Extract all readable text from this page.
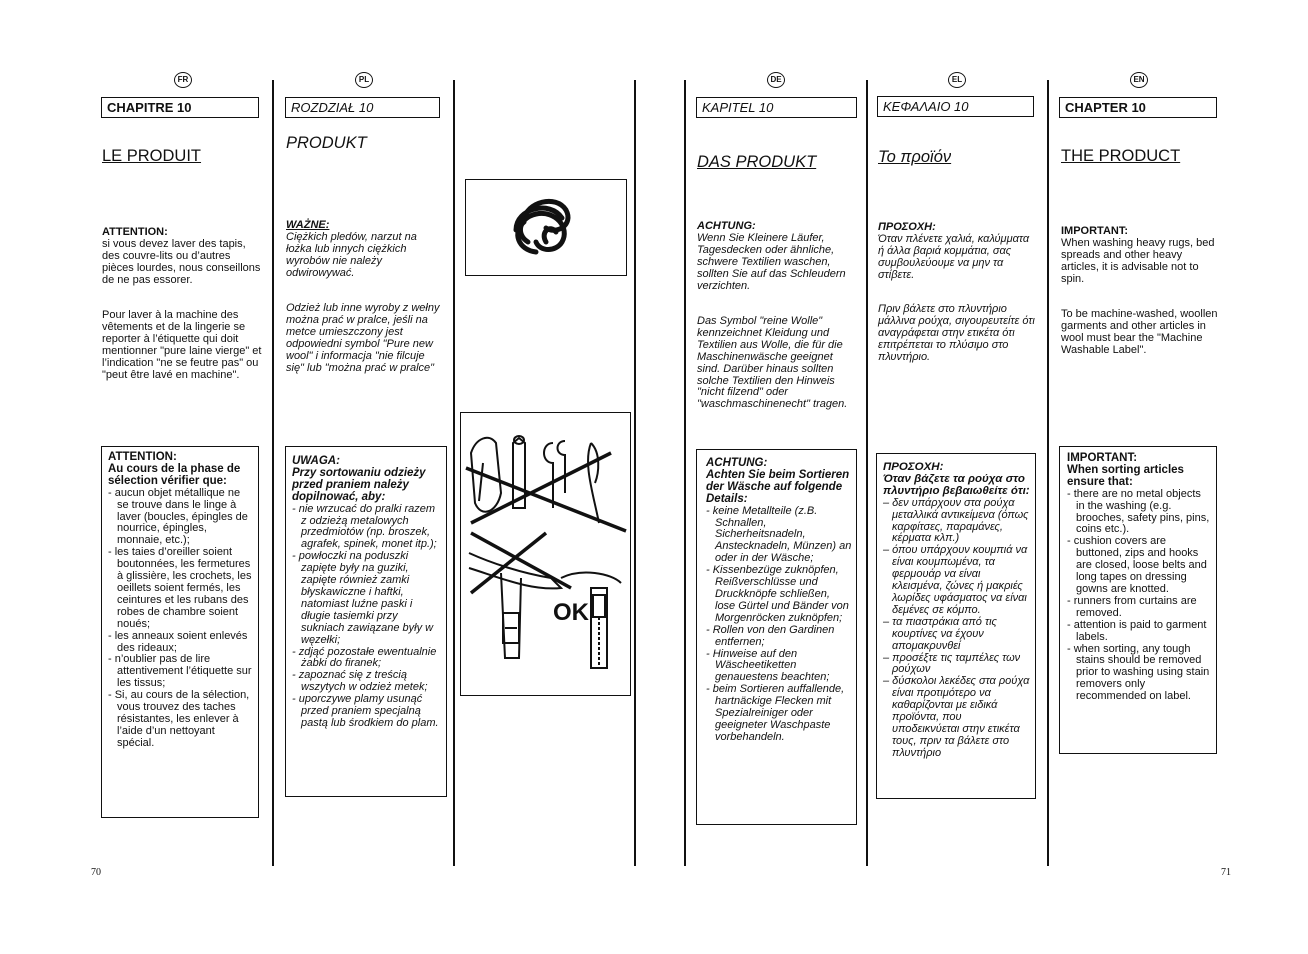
FR
CHAPITRE 10
LE PRODUIT

ATTENTION:
si vous devez laver des tapis, des couvre-lits ou d’autres pièces lourdes, nous conseillons de ne pas essorer.

Pour laver à la machine des vêtements et de la lingerie se reporter à l’étiquette qui doit mentionner "pure laine vierge" et l’indication "ne se feutre pas" ou "peut être lavé en machine".

ATTENTION:
Au cours de la phase de sélection vérifier que:
- aucun objet métallique ne se trouve dans le linge à laver (boucles, épingles de nourrice, épingles, monnaie, etc.);
- les taies d’oreiller soient boutonnées, les fermetures à glissière, les crochets, les oeillets soient fermés, les ceintures et les rubans des robes de chambre soient noués;
- les anneaux soient enlevés des rideaux;
- n’oublier pas de lire attentivement l’étiquette sur les tissus;
- Si, au cours de la sélection, vous trouvez des taches résistantes, les enlever à l’aide d’un nettoyant spécial.
PL
ROZDZIAŁ 10
PRODUKT

WAŻNE:
Ciężkich pledów, narzut na łożka lub innych ciężkich wyrobów nie należy odwirowywać.

Odzież lub inne wyroby z wełny można prać w pralce, jeśli na metce umieszczony jest odpowiedni symbol "Pure new wool" i informacja "nie filcuje się" lub "można prać w pralce"

UWAGA:
Przy sortowaniu odzieży przed praniem należy dopilnować, aby:
- nie wrzucać do pralki razem z odzieżą metalowych przedmiotów (np. broszek, agrafek, spinek, monet itp.);
- powłoczki na poduszki zapięte były na guziki, zapięte również zamki błyskawiczne i haftki, natomiast luźne paski i długie tasiemki przy sukniach zawiązane były w węzełki;
- zdjąć pozostałe ewentualnie żabki do firanek;
- zapoznać się z treścią wszytych w odzież metek;
- uporczywe plamy usunąć przed praniem specjalną pastą lub środkiem do plam.
OK
DE
KAPITEL 10
DAS PRODUKT

ACHTUNG:
Wenn Sie Kleinere Läufer, Tagesdecken oder ähnliche, schwere Textilien waschen, sollten Sie auf das Schleudern verzichten.

Das Symbol "reine Wolle" kennzeichnet Kleidung und Textilien aus Wolle, die für die Maschinenwäsche geeignet sind. Darüber hinaus sollten solche Textilien den Hinweis "nicht filzend" oder "waschmaschinenecht" tragen.

ACHTUNG:
Achten Sie beim Sortieren der Wäsche auf folgende Details:
- keine Metallteile (z.B. Schnallen, Sicherheitsnadeln, Anstecknadeln, Münzen) an oder in der Wäsche;
- Kissenbezüge zuknöpfen, Reißverschlüsse und Druckknöpfe schließen, lose Gürtel und Bänder von Morgenröcken zuknöpfen;
- Rollen von den Gardinen entfernen;
- Hinweise auf den Wäscheetiketten genauestens beachten;
- beim Sortieren auffallende, hartnäckige Flecken mit Spezialreiniger oder geeigneter Waschpaste vorbehandeln.
EL
ΚΕΦΑΛΑΙΟ 10
Το προϊόν

ΠΡΟΣΟΧΗ:
Όταν πλένετε χαλιά, καλύμματα ή άλλα βαριά κομμάτια, σας συμβουλεύουμε να μην τα στίβετε.

Πριν βάλετε στο πλυντήριο μάλλινα ρούχα, σιγουρευτείτε ότι αναγράφεται στην ετικέτα ότι επιτρέπεται το πλύσιμο στο πλυντήριο.

ΠΡΟΣΟΧΗ:
Όταν βάζετε τα ρούχα στο πλυντήριο βεβαιωθείτε ότι:
– δεν υπάρχουν στα ρούχα μεταλλικά αντικείμενα (όπως καρφίτσες, παραμάνες, κέρματα κλπ.)
– όπου υπάρχουν κουμπιά να είναι κουμπωμένα, τα φερμουάρ να είναι κλεισμένα, ζώνες ή μακριές λωρίδες υφάσματος να είναι δεμένες σε κόμπο.
– τα πιαστράκια από τις κουρτίνες να έχουν απομακρυνθεί
– προσέξτε τις ταμπέλες των ρούχων
– δύσκολοι λεκέδες στα ρούχα είναι προτιμότερο να καθαρίζονται με ειδικά προϊόντα, που υποδεικνύεται στην ετικέτα τους, πριν τα βάλετε στο πλυντήριο
EN
CHAPTER 10
THE PRODUCT

IMPORTANT:
When washing heavy rugs, bed spreads and other heavy articles, it is advisable not to spin.

To be machine-washed, woollen garments and other articles in wool must bear the "Machine Washable Label".

IMPORTANT:
When sorting articles ensure that:
- there are no metal objects in the washing (e.g. brooches, safety pins, pins, coins etc.).
- cushion covers are buttoned, zips and hooks are closed, loose belts and long tapes on dressing gowns are knotted.
- runners from curtains are removed.
- attention is paid to garment labels.
- when sorting, any tough stains should be removed prior to washing using stain removers only recommended on label.
70	71
